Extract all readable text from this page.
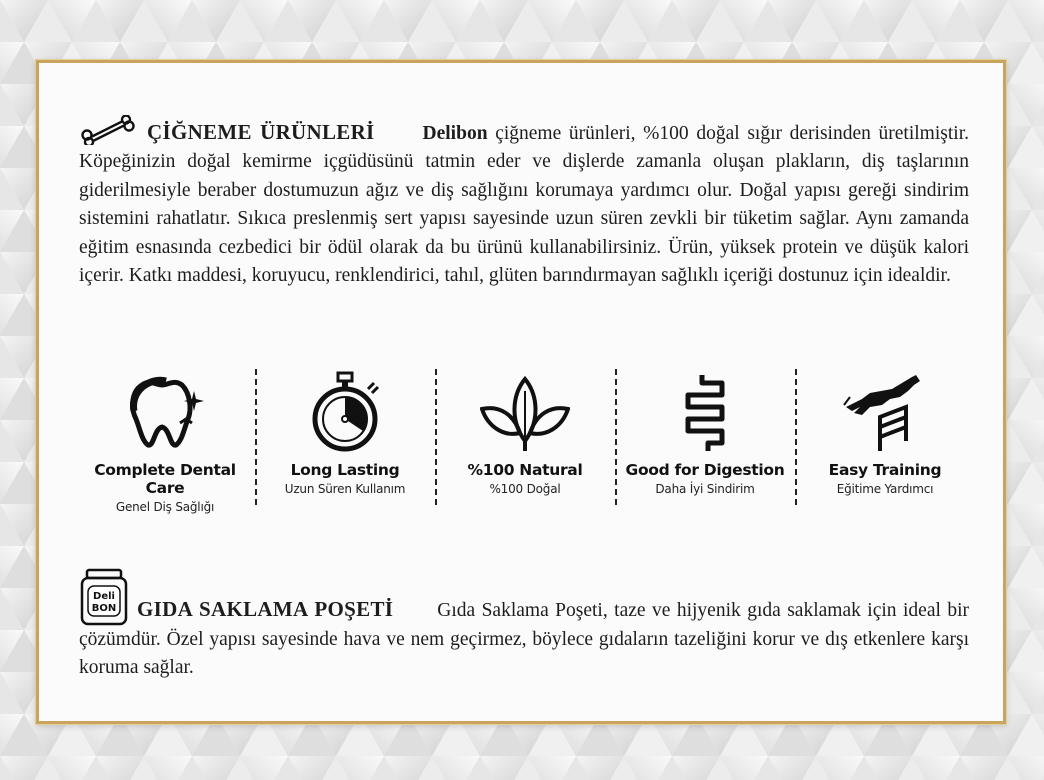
ÇİĞNEME ÜRÜNLERİ Delibon çiğneme ürünleri, %100 doğal sığır derisinden üretilmiştir. Köpeğinizin doğal kemirme içgüdüsünü tatmin eder ve dişlerde zamanla oluşan plakların, diş taşlarının giderilmesiyle beraber dostumuzun ağız ve diş sağlığını korumaya yardımcı olur. Doğal yapısı gereği sindirim sistemini rahatlatır. Sıkıca preslenmiş sert yapısı sayesinde uzun süren zevkli bir tüketim sağlar. Aynı zamanda eğitim esnasında cezbedici bir ödül olarak da bu ürünü kullanabilirsiniz. Ürün, yüksek protein ve düşük kalori içerir. Katkı maddesi, koruyucu, renklendirici, tahıl, glüten barındırmayan sağlıklı içeriği dostunuz için idealdir.

Complete Dental Care
Genel Diş Sağlığı
Long Lasting
Uzun Süren Kullanım
%100 Natural
%100 Doğal
Good for Digestion
Daha İyi Sindirim
Easy Training
Eğitime Yardımcı

Deli
BON GIDA SAKLAMA POŞETİ Gıda Saklama Poşeti, taze ve hijyenik gıda saklamak için ideal bir çözümdür. Özel yapısı sayesinde hava ve nem geçirmez, böylece gıdaların tazeliğini korur ve dış etkenlere karşı koruma sağlar.
